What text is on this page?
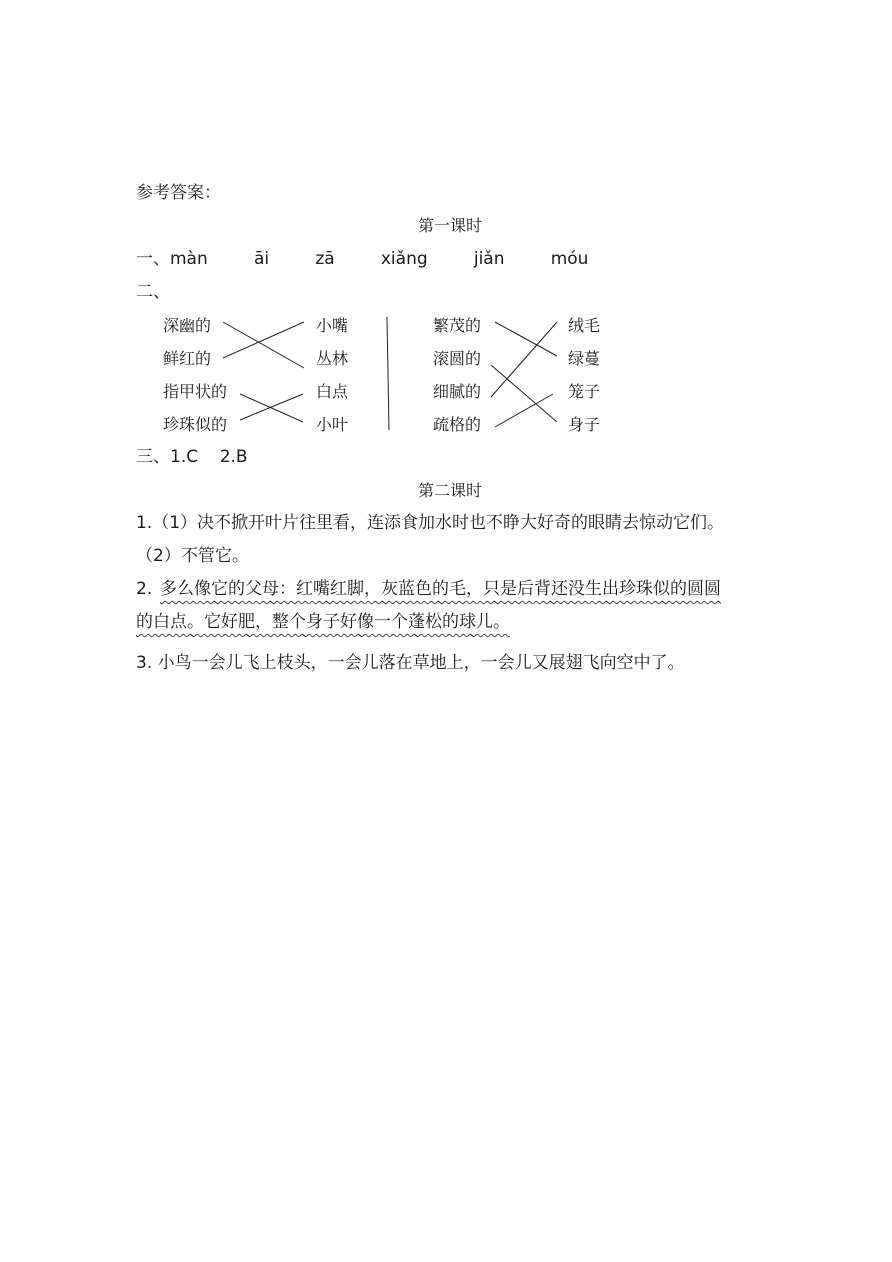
参考答案：
第一课时
一、 màn   āi   zā   xiǎng   jiǎn   móu
二、
深幽的
鲜红的
指甲状的
珍珠似的
小嘴
丛林
白点
小叶
繁茂的
滚圆的
细腻的
疏格的
绒毛
绿蔓
笼子
身子
三、1.C    2.B
第二课时
1.（1）决不掀开叶片往里看，连添食加水时也不睁大好奇的眼睛去惊动它们。
（2）不管它。
2. 多么像它的父母：红嘴红脚，灰蓝色的毛，只是后背还没生出珍珠似的圆圆
的白点。它好肥，整个身子好像一个蓬松的球儿。
3. 小鸟一会儿飞上枝头，一会儿落在草地上，一会儿又展翅飞向空中了。
